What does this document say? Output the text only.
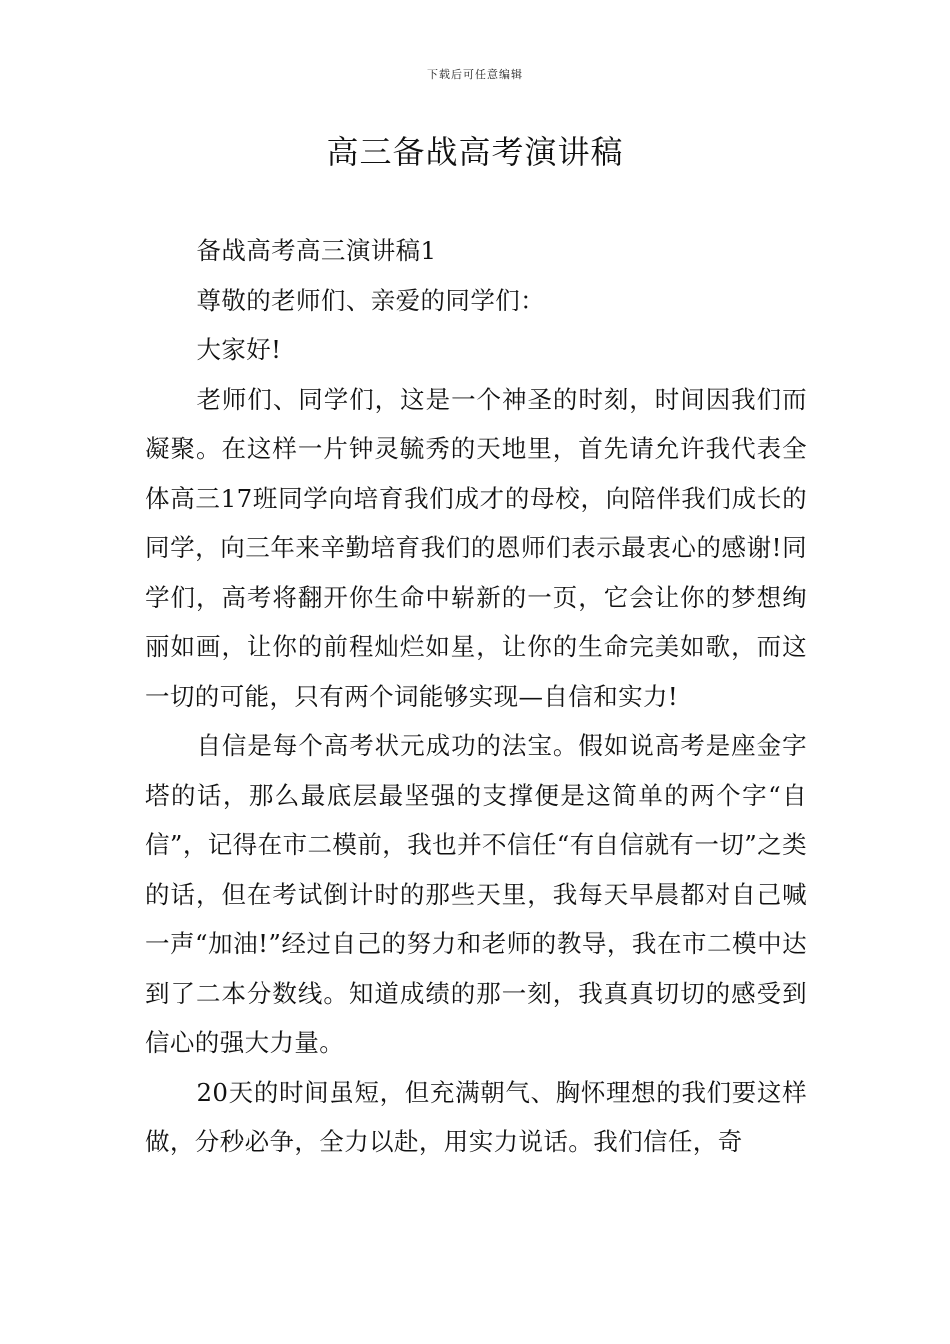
下载后可任意编辑
高三备战高考演讲稿

备战高考高三演讲稿1

尊敬的老师们、亲爱的同学们：

大家好!

老师们、同学们，这是一个神圣的时刻，时间因我们而凝聚。在这样一片钟灵毓秀的天地里，首先请允许我代表全体高三17班同学向培育我们成才的母校，向陪伴我们成长的同学，向三年来辛勤培育我们的恩师们表示最衷心的感谢!同学们，高考将翻开你生命中崭新的一页，它会让你的梦想绚丽如画，让你的前程灿烂如星，让你的生命完美如歌，而这一切的可能，只有两个词能够实现—自信和实力!

自信是每个高考状元成功的法宝。假如说高考是座金字塔的话，那么最底层最坚强的支撑便是这简单的两个字“自信”，记得在市二模前，我也并不信任“有自信就有一切”之类的话，但在考试倒计时的那些天里，我每天早晨都对自己喊一声“加油!”经过自己的努力和老师的教导，我在市二模中达到了二本分数线。知道成绩的那一刻，我真真切切的感受到信心的强大力量。

20天的时间虽短，但充满朝气、胸怀理想的我们要这样做，分秒必争，全力以赴，用实力说话。我们信任，奇
